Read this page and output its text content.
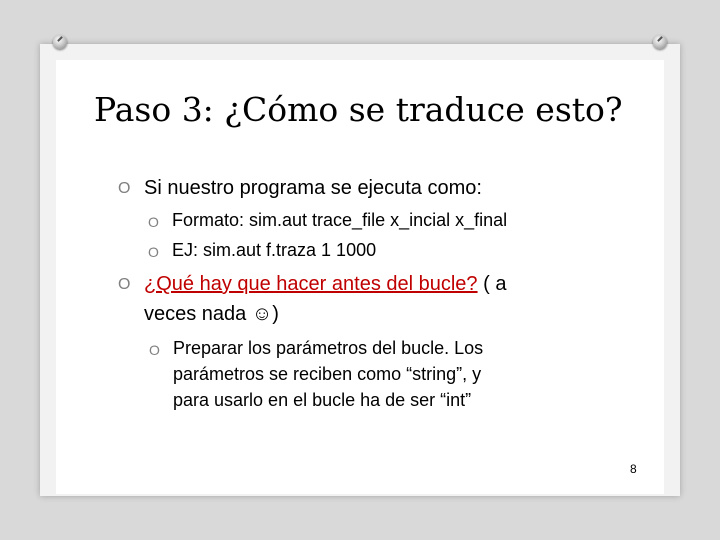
Paso 3: ¿Cómo se traduce esto?
O Si nuestro programa se ejecuta como:
O Formato: sim.aut trace_file x_incial x_final
O EJ: sim.aut f.traza 1 1000
O ¿Qué hay que hacer antes del bucle? ( a
veces nada ☺)
O Preparar los parámetros del bucle. Los
parámetros se reciben como “string”, y
para usarlo en el bucle ha de ser “int”
8
